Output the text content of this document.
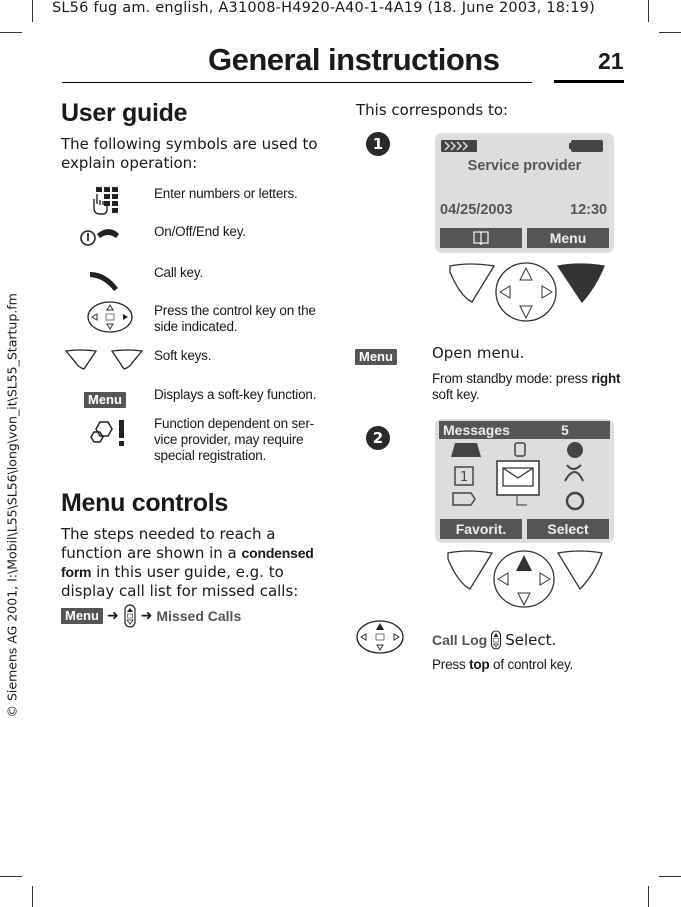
SL56 fug am. english, A31008-H4920-A40-1-4A19 (18. June 2003, 18:19)
© Siemens AG 2001, I:\Mobil\L55\SL56\long\von_it\SL55_Startup.fm
General instructions	21
User guide
The following symbols are used to explain operation:
Enter numbers or letters.
On/Off/End key.
Call key.
Press the control key on the side indicated.
Soft keys.
Menu Displays a soft-key function.
Function dependent on ser-vice provider, may require special registration.
Menu controls
The steps needed to reach a function are shown in a condensed form in this user guide, e.g. to display call list for missed calls:
Menu ➜ ➜ Missed Calls
This corresponds to:
1
Service provider
04/25/2003	12:30
Menu
Menu	Open menu.
From standby mode: press right soft key.
2	Messages	5
1
Favorit.	Select
Call Log Select.
Press top of control key.
